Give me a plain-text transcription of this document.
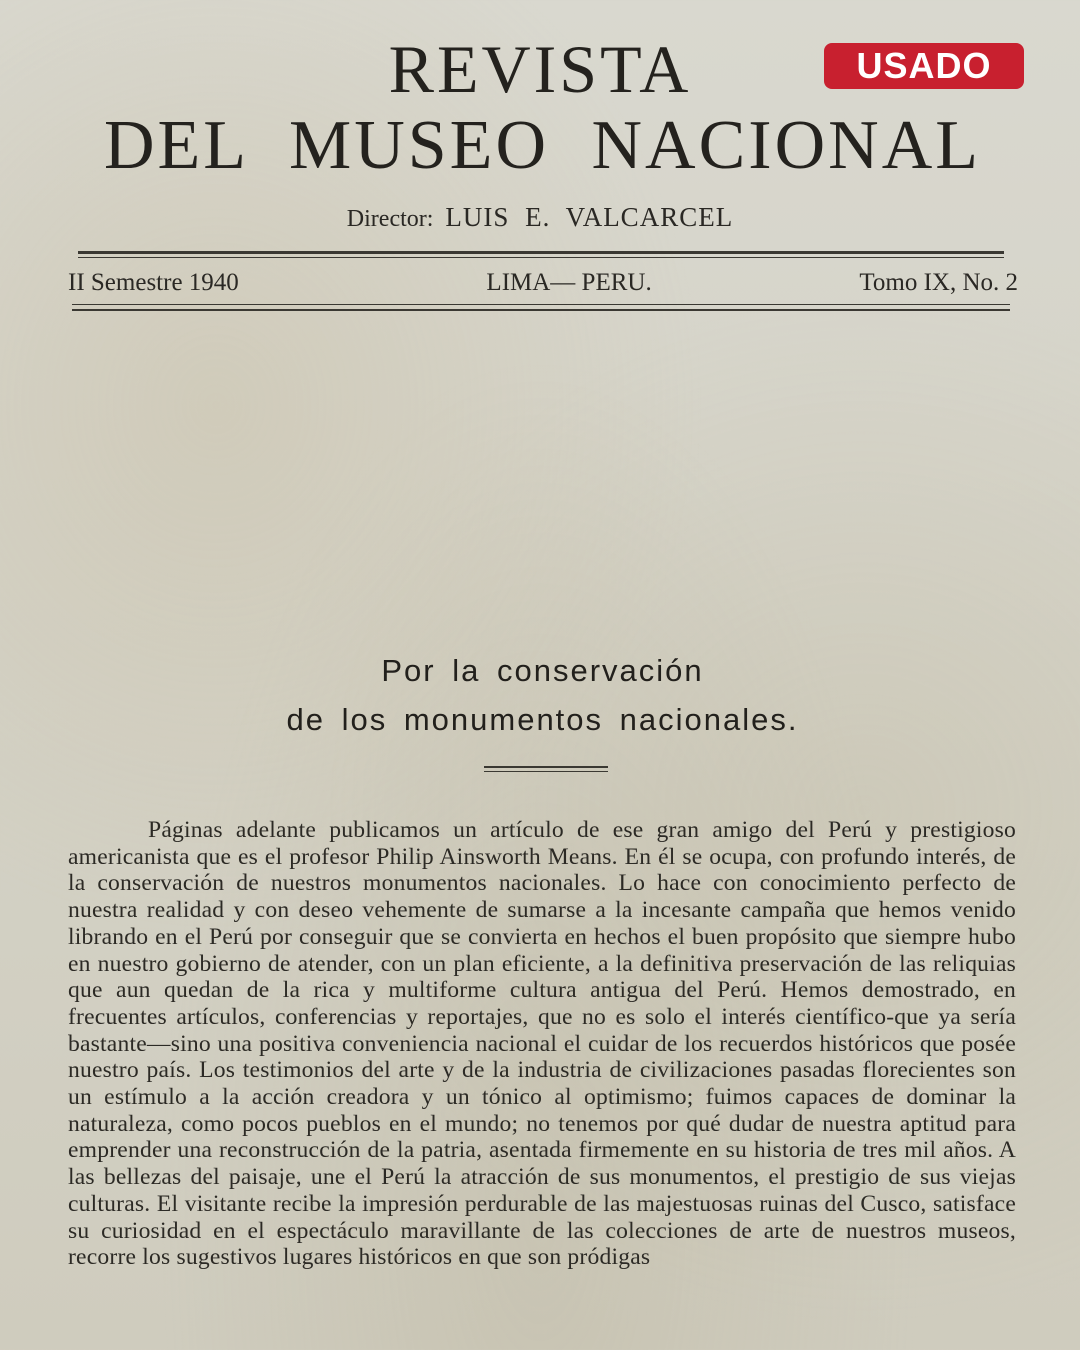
REVISTA
DEL MUSEO NACIONAL
Director: LUIS E. VALCARCEL
II Semestre 1940	LIMA— PERU.	Tomo IX, No. 2
USADO
Por la conservación
de los monumentos nacionales.

Páginas adelante publicamos un artículo de ese gran amigo del Perú y prestigioso americanista que es el profesor Philip Ainsworth Means. En él se ocupa, con profundo interés, de la conservación de nuestros monumentos nacionales. Lo hace con conocimiento perfecto de nuestra realidad y con deseo vehemente de sumarse a la incesante campaña que hemos venido librando en el Perú por conseguir que se convierta en hechos el buen propósito que siempre hubo en nuestro gobierno de atender, con un plan eficiente, a la definitiva preservación de las reliquias que aun quedan de la rica y multiforme cultura antigua del Perú. Hemos demostrado, en frecuentes artículos, conferencias y reportajes, que no es solo el interés científico-que ya sería bastante—sino una positiva conveniencia nacional el cuidar de los recuerdos históricos que posée nuestro país. Los testimonios del arte y de la industria de civilizaciones pasadas florecientes son un estímulo a la acción creadora y un tónico al optimismo; fuimos capaces de dominar la naturaleza, como pocos pueblos en el mundo; no tenemos por qué dudar de nuestra aptitud para emprender una reconstrucción de la patria, asentada firmemente en su historia de tres mil años. A las bellezas del paisaje, une el Perú la atracción de sus monumentos, el prestigio de sus viejas culturas. El visitante recibe la impresión perdurable de las majestuosas ruinas del Cusco, satisface su curiosidad en el espectáculo maravillante de las colecciones de arte de nuestros museos, recorre los sugestivos lugares históricos en que son pródigas
